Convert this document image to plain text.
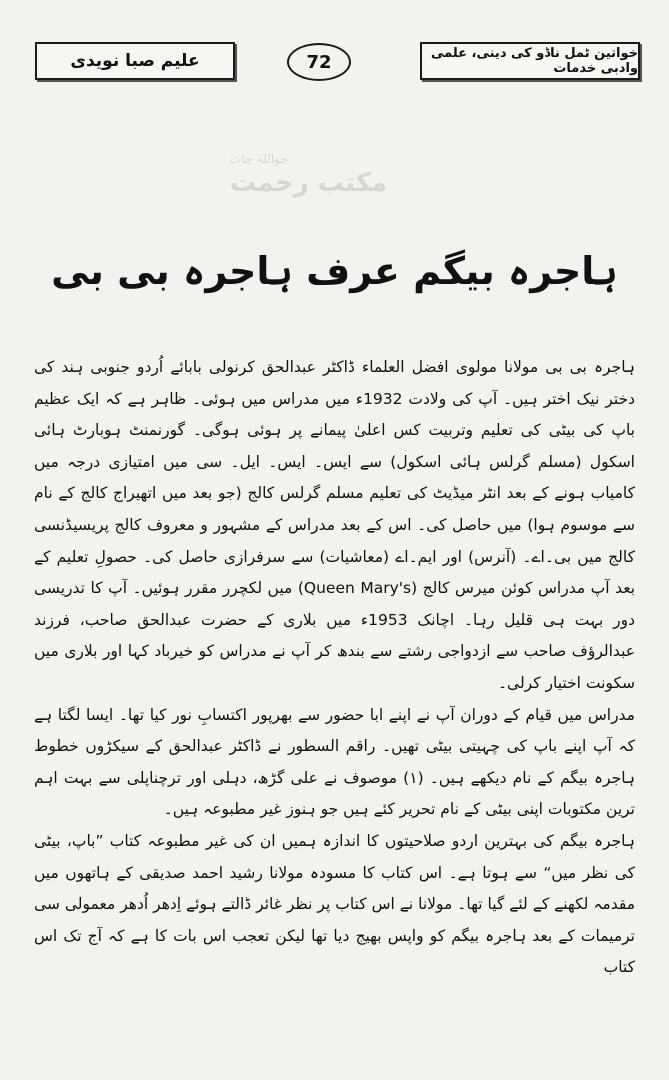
حواللہ جات
مکتب رحمت
علیم صبا نویدی	72	خواتین ٹمل ناڈو کی دینی، علمی وادبی خدمات
ہاجرہ بیگم عرف ہاجرہ بی بی

ہاجرہ بی بی مولانا مولوی افضل العلماء ڈاکٹر عبدالحق کرنولی بابائے اُردو جنوبی ہند کی دختر نیک اختر ہیں۔ آپ کی ولادت 1932ء میں مدراس میں ہوئی۔ ظاہر ہے کہ ایک عظیم باپ کی بیٹی کی تعلیم وتربیت کس اعلیٰ پیمانے پر ہوئی ہوگی۔ گورنمنٹ ہوبارٹ ہائی اسکول (مسلم گرلس ہائی اسکول) سے ایس۔ ایس۔ ایل۔ سی میں امتیازی درجہ میں کامیاب ہونے کے بعد انٹر میڈیٹ کی تعلیم مسلم گرلس کالج (جو بعد میں اتھیراج کالج کے نام سے موسوم ہوا) میں حاصل کی۔ اس کے بعد مدراس کے مشہور و معروف کالج پریسیڈنسی کالج میں بی۔اے۔ (آنرس) اور ایم۔اے (معاشیات) سے سرفرازی حاصل کی۔ حصولِ تعلیم کے بعد آپ مدراس کوئن میرس کالج (Queen Mary's) میں لکچرر مقرر ہوئیں۔ آپ کا تدریسی دور بہت ہی قلیل رہا۔ اچانک 1953ء میں بلاری کے حضرت عبدالحق صاحب، فرزند عبدالرؤف صاحب سے ازدواجی رشتے سے بندھ کر آپ نے مدراس کو خیرباد کہا اور بلاری میں سکونت اختیار کرلی۔

مدراس میں قیام کے دوران آپ نے اپنے ابا حضور سے بھرپور اکتسابِ نور کیا تھا۔ ایسا لگتا ہے کہ آپ اپنے باپ کی چہیتی بیٹی تھیں۔ راقم السطور نے ڈاکٹر عبدالحق کے سیکڑوں خطوط ہاجرہ بیگم کے نام دیکھے ہیں۔ (۱) موصوف نے علی گڑھ، دہلی اور ترچناپلی سے بہت اہم ترین مکتوبات اپنی بیٹی کے نام تحریر کئے ہیں جو ہنوز غیر مطبوعہ ہیں۔

ہاجرہ بیگم کی بہترین اردو صلاحیتوں کا اندازہ ہمیں ان کی غیر مطبوعہ کتاب ”باپ، بیٹی کی نظر میں“ سے ہوتا ہے۔ اس کتاب کا مسودہ مولانا رشید احمد صدیقی کے ہاتھوں میں مقدمہ لکھنے کے لئے گیا تھا۔ مولانا نے اس کتاب پر نظر غائر ڈالتے ہوئے اِدھر اُدھر معمولی سی ترمیمات کے بعد ہاجرہ بیگم کو واپس بھیج دیا تھا لیکن تعجب اس بات کا ہے کہ آج تک اس کتاب
